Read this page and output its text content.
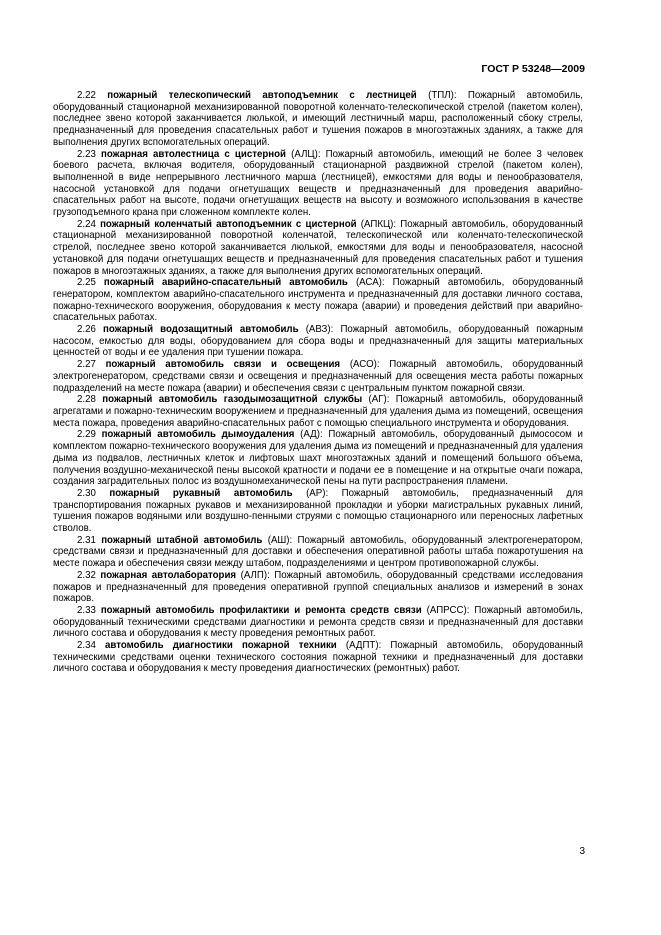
ГОСТ Р 53248—2009

2.22 пожарный телескопический автоподъемник с лестницей (ТПЛ): Пожарный автомобиль, оборудованный стационарной механизированной поворотной коленчато-телескопической стрелой (пакетом колен), последнее звено которой заканчивается люлькой, и имеющий лестничный марш, расположенный сбоку стрелы, предназначенный для проведения спасательных работ и тушения пожаров в многоэтажных зданиях, а также для выполнения других вспомогательных операций.

2.23 пожарная автолестница с цистерной (АЛЦ): Пожарный автомобиль, имеющий не более 3 человек боевого расчета, включая водителя, оборудованный стационарной раздвижной стрелой (пакетом колен), выполненной в виде непрерывного лестничного марша (лестницей), емкостями для воды и пенообразователя, насосной установкой для подачи огнетушащих веществ и предназначенный для проведения аварийно-спасательных работ на высоте, подачи огнетушащих веществ на высоту и возможного использования в качестве грузоподъемного крана при сложенном комплекте колен.

2.24 пожарный коленчатый автоподъемник с цистерной (АПКЦ): Пожарный автомобиль, оборудованный стационарной механизированной поворотной коленчатой, телескопической или коленчато-телескопической стрелой, последнее звено которой заканчивается люлькой, емкостями для воды и пенообразователя, насосной установкой для подачи огнетушащих веществ и предназначенный для проведения спасательных работ и тушения пожаров в многоэтажных зданиях, а также для выполнения других вспомогательных операций.

2.25 пожарный аварийно-спасательный автомобиль (АСА): Пожарный автомобиль, оборудованный генератором, комплектом аварийно-спасательного инструмента и предназначенный для доставки личного состава, пожарно-технического вооружения, оборудования к месту пожара (аварии) и проведения действий при аварийно-спасательных работах.

2.26 пожарный водозащитный автомобиль (АВЗ): Пожарный автомобиль, оборудованный пожарным насосом, емкостью для воды, оборудованием для сбора воды и предназначенный для защиты материальных ценностей от воды и ее удаления при тушении пожара.

2.27 пожарный автомобиль связи и освещения (АСО): Пожарный автомобиль, оборудованный электрогенератором, средствами связи и освещения и предназначенный для освещения места работы пожарных подразделений на месте пожара (аварии) и обеспечения связи с центральным пунктом пожарной связи.

2.28 пожарный автомобиль газодымозащитной службы (АГ): Пожарный автомобиль, оборудованный агрегатами и пожарно-техническим вооружением и предназначенный для удаления дыма из помещений, освещения места пожара, проведения аварийно-спасательных работ с помощью специального инструмента и оборудования.

2.29 пожарный автомобиль дымоудаления (АД): Пожарный автомобиль, оборудованный дымососом и комплектом пожарно-технического вооружения для удаления дыма из помещений и предназначенный для удаления дыма из подвалов, лестничных клеток и лифтовых шахт многоэтажных зданий и помещений большого объема, получения воздушно-механической пены высокой кратности и подачи ее в помещение и на открытые очаги пожара, создания заградительных полос из воздушномеханической пены на пути распространения пламени.

2.30 пожарный рукавный автомобиль (АР): Пожарный автомобиль, предназначенный для транспортирования пожарных рукавов и механизированной прокладки и уборки магистральных рукавных линий, тушения пожаров водяными или воздушно-пенными струями с помощью стационарного или переносных лафетных стволов.

2.31 пожарный штабной автомобиль (АШ): Пожарный автомобиль, оборудованный электрогенератором, средствами связи и предназначенный для доставки и обеспечения оперативной работы штаба пожаротушения на месте пожара и обеспечения связи между штабом, подразделениями и центром противопожарной службы.

2.32 пожарная автолаборатория (АЛП): Пожарный автомобиль, оборудованный средствами исследования пожаров и предназначенный для проведения оперативной группой специальных анализов и измерений в зонах пожаров.

2.33 пожарный автомобиль профилактики и ремонта средств связи (АПРСС): Пожарный автомобиль, оборудованный техническими средствами диагностики и ремонта средств связи и предназначенный для доставки личного состава и оборудования к месту проведения ремонтных работ.

2.34 автомобиль диагностики пожарной техники (АДПТ): Пожарный автомобиль, оборудованный техническими средствами оценки технического состояния пожарной техники и предназначенный для доставки личного состава и оборудования к месту проведения диагностических (ремонтных) работ.

3
